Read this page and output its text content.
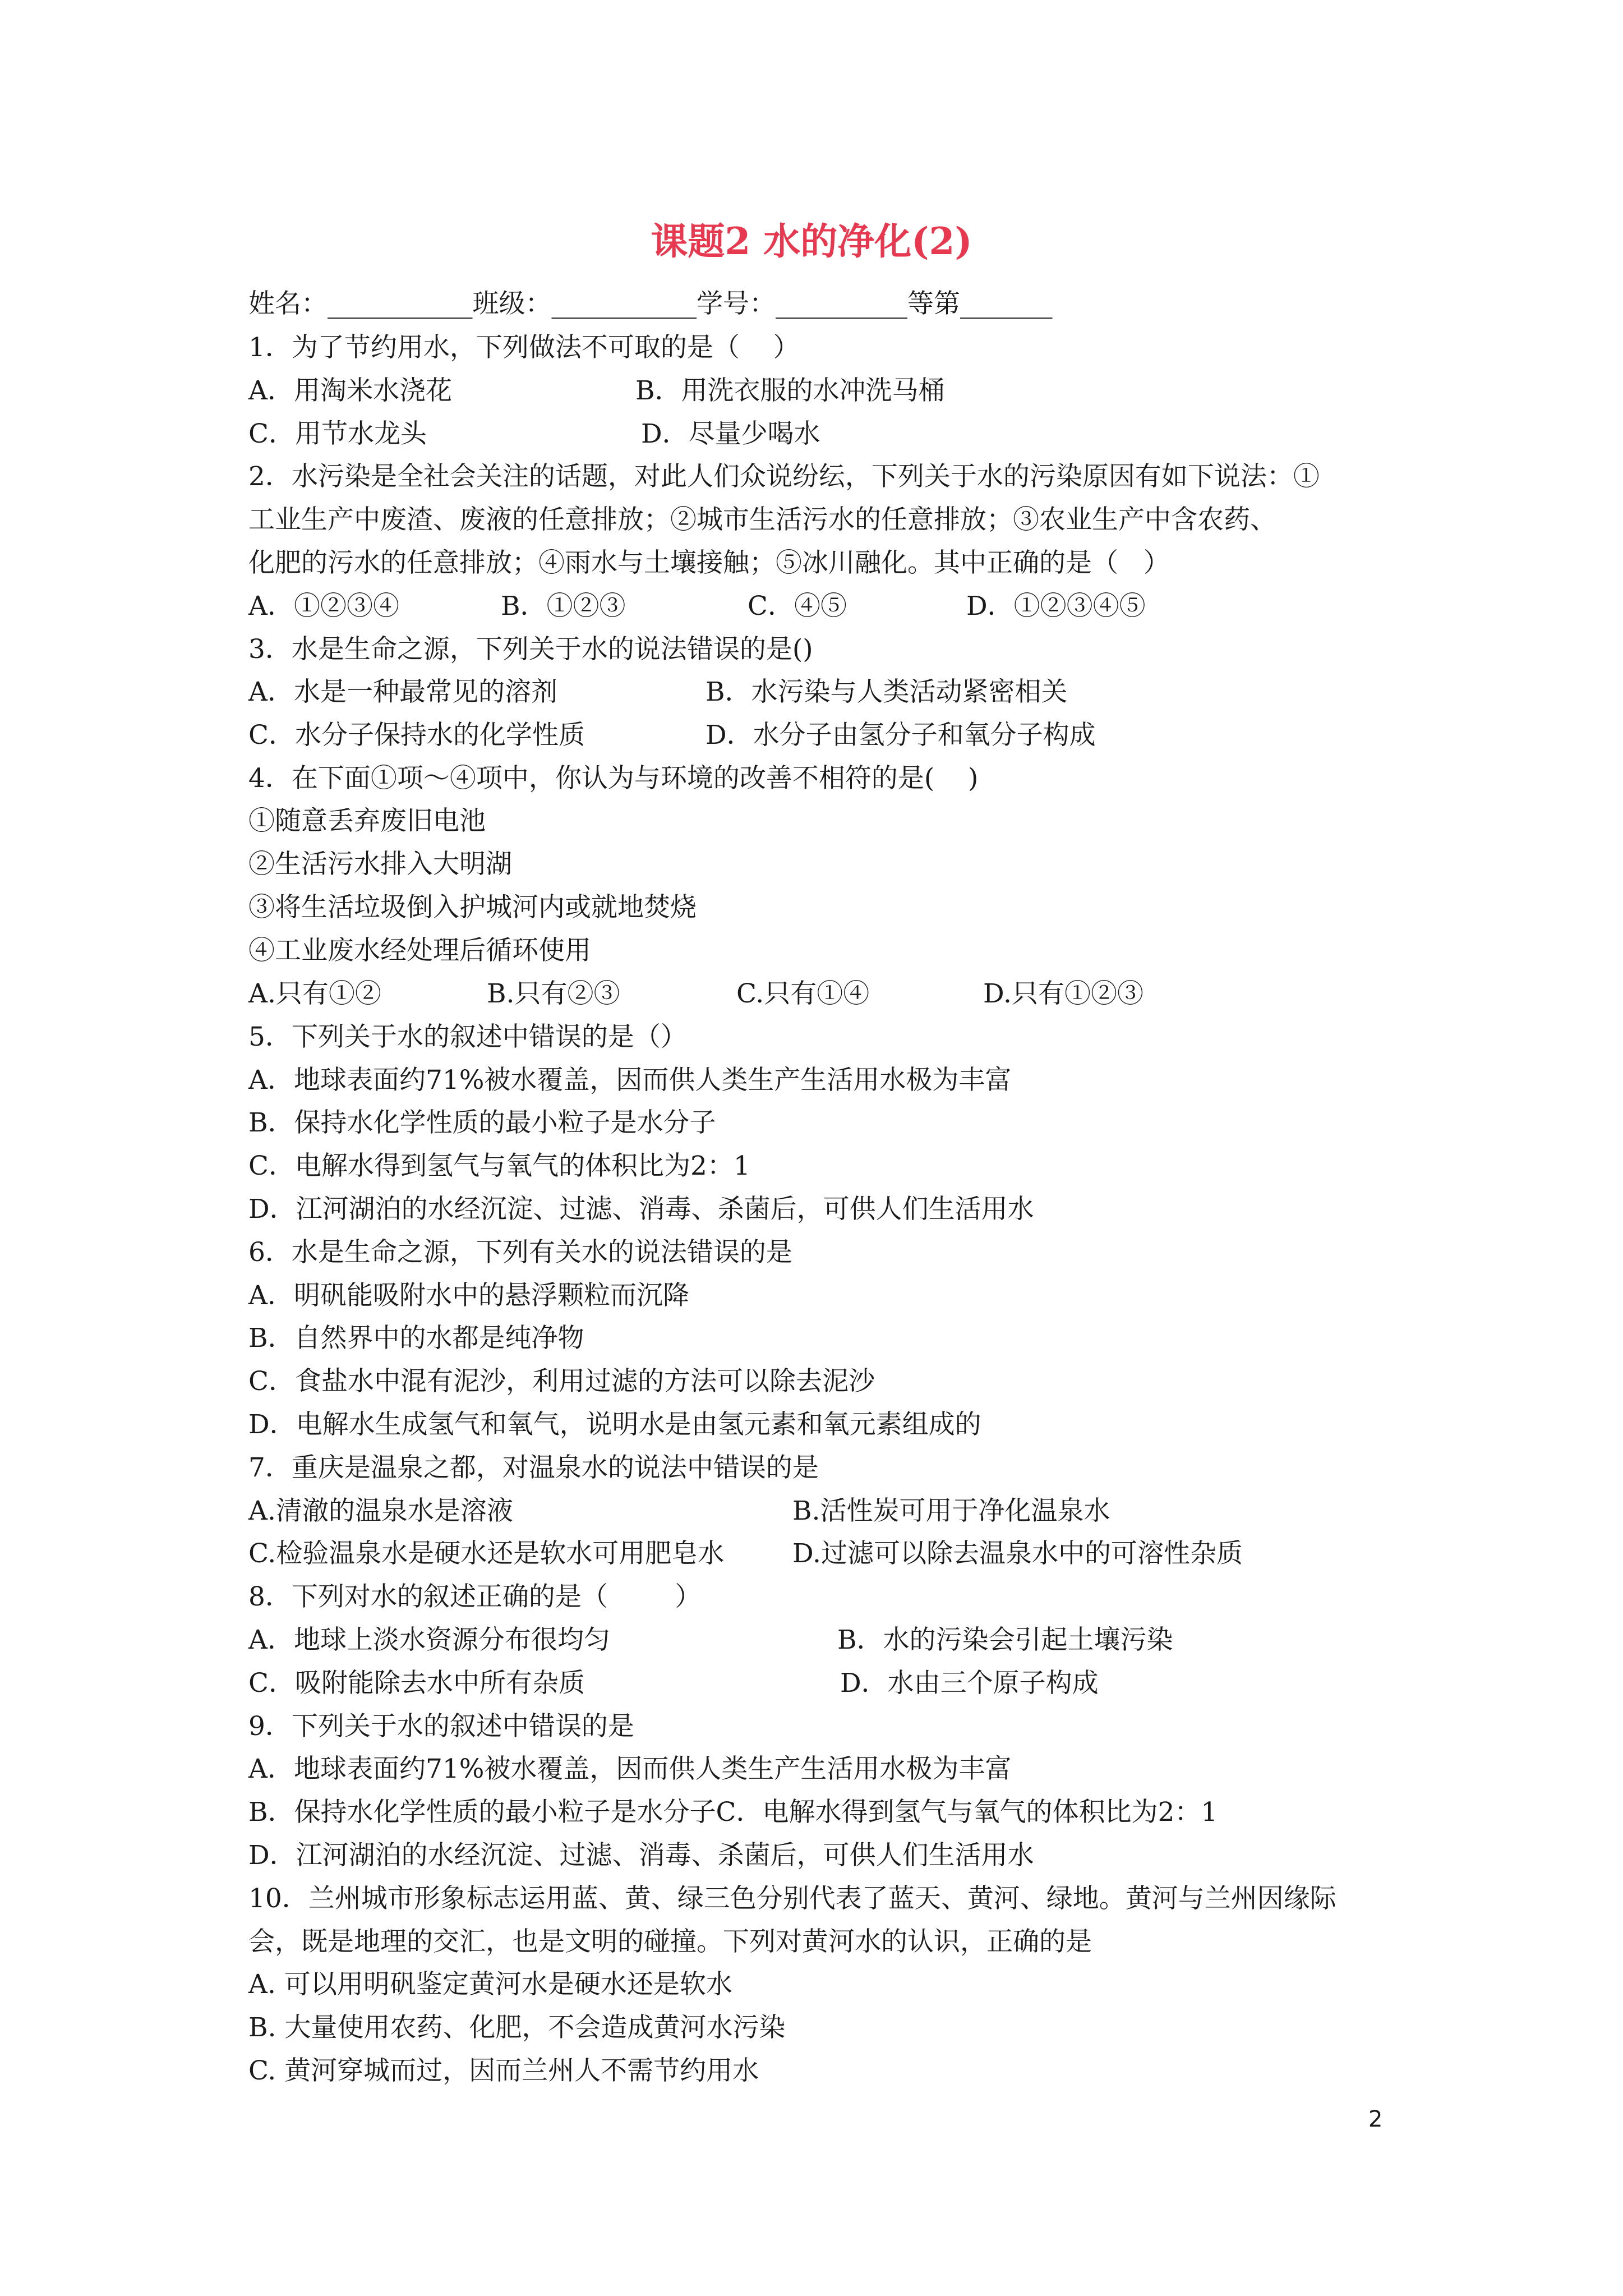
课题2 水的净化(2)
姓名：___________班级：___________学号：__________等第_______
1．为了节约用水，下列做法不可取的是（    ）

A．用淘米水浇花

	B．用洗衣服的水冲洗马桶

C．用节水龙头

	D．尽量少喝水

2．水污染是全社会关注的话题，对此人们众说纷纭，下列关于水的污染原因有如下说法：①
工业生产中废渣、废液的任意排放；②城市生活污水的任意排放；③农业生产中含农药、
化肥的污水的任意排放；④雨水与土壤接触；⑤冰川融化。其中正确的是（   ）

A．①②③④

	B．①②③

	C．④⑤

	D．①②③④⑤

3．水是生命之源，下列关于水的说法错误的是()

A．水是一种最常见的溶剂

	B．水污染与人类活动紧密相关

C．水分子保持水的化学性质

	D．水分子由氢分子和氧分子构成

4．在下面①项～④项中，你认为与环境的改善不相符的是(    )
①随意丢弃废旧电池
②生活污水排入大明湖
③将生活垃圾倒入护城河内或就地焚烧
④工业废水经处理后循环使用

A.只有①②

	B.只有②③

	C.只有①④

	D.只有①②③

5．下列关于水的叙述中错误的是（）
A．地球表面约71%被水覆盖，因而供人类生产生活用水极为丰富
B．保持水化学性质的最小粒子是水分子
C．电解水得到氢气与氧气的体积比为2：1
D．江河湖泊的水经沉淀、过滤、消毒、杀菌后，可供人们生活用水
6．水是生命之源，下列有关水的说法错误的是
A．明矾能吸附水中的悬浮颗粒而沉降
B．自然界中的水都是纯净物
C．食盐水中混有泥沙，利用过滤的方法可以除去泥沙
D．电解水生成氢气和氧气，说明水是由氢元素和氧元素组成的
7．重庆是温泉之都，对温泉水的说法中错误的是

A.清澈的温泉水是溶液

	B.活性炭可用于净化温泉水

C.检验温泉水是硬水还是软水可用肥皂水

	D.过滤可以除去温泉水中的可溶性杂质

8．下列对水的叙述正确的是（        ）

A．地球上淡水资源分布很均匀

	B．水的污染会引起土壤污染

C．吸附能除去水中所有杂质

	D．水由三个原子构成

9．下列关于水的叙述中错误的是
A．地球表面约71%被水覆盖，因而供人类生产生活用水极为丰富
B．保持水化学性质的最小粒子是水分子C．电解水得到氢气与氧气的体积比为2：1
D．江河湖泊的水经沉淀、过滤、消毒、杀菌后，可供人们生活用水
10．兰州城市形象标志运用蓝、黄、绿三色分别代表了蓝天、黄河、绿地。黄河与兰州因缘际
会，既是地理的交汇，也是文明的碰撞。下列对黄河水的认识，正确的是
A. 可以用明矾鉴定黄河水是硬水还是软水
B. 大量使用农药、化肥，不会造成黄河水污染
C. 黄河穿城而过，因而兰州人不需节约用水
2
